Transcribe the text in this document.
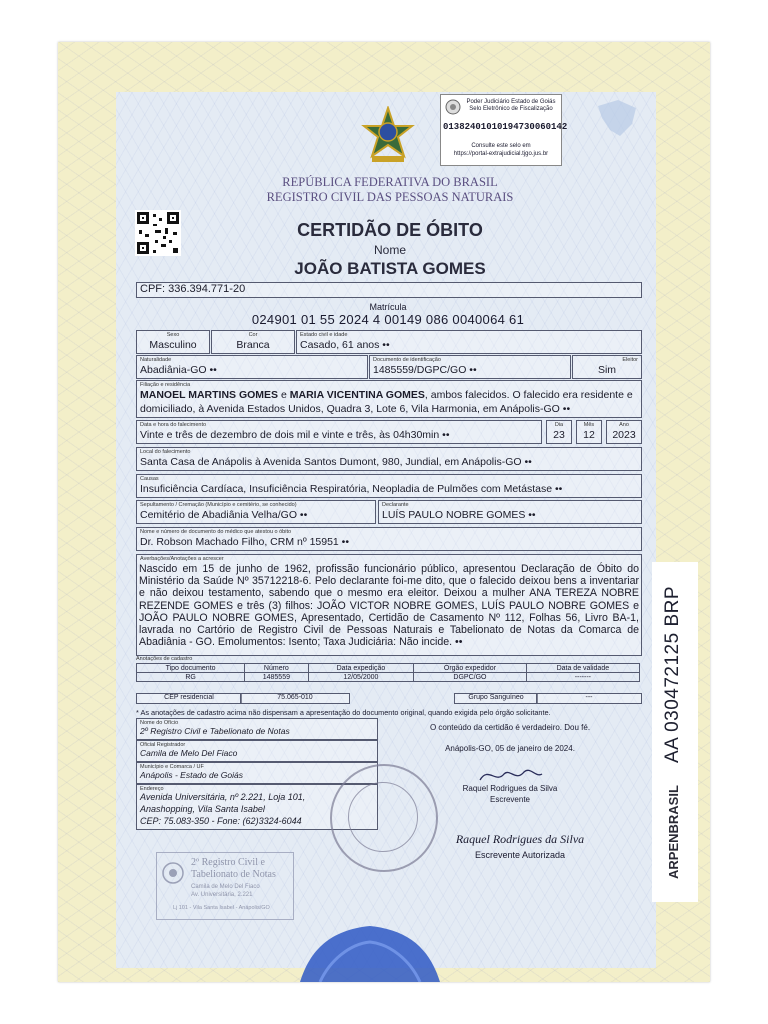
Poder Judiciário Estado de Goiás
Selo Eletrônico de Fiscalização
01382401010194730060142
Consulte este selo em
https://portal-extrajudicial.tjgo.jus.br
REPÚBLICA FEDERATIVA DO BRASIL
REGISTRO CIVIL DAS PESSOAS NATURAIS
CERTIDÃO DE ÓBITO
Nome
JOÃO BATISTA GOMES
CPF: 336.394.771-20
Matrícula
024901 01 55 2024 4 00149 086 0040064 61
Sexo
Masculino
Cor
Branca
Estado civil e idade
Casado, 61 anos ••
Naturalidade
Abadiânia-GO ••
Documento de identificação
1485559/DGPC/GO ••
Eleitor
Sim
Filiação e residência
MANOEL MARTINS GOMES e MARIA VICENTINA GOMES, ambos falecidos. O falecido era residente e
domiciliado, à Avenida Estados Unidos, Quadra 3, Lote 6, Vila Harmonia, em Anápolis-GO ••
Data e hora do falecimento
Vinte e três de dezembro de dois mil e vinte e três, às 04h30min ••
Dia
23
Mês
12
Ano
2023
Local do falecimento
Santa Casa de Anápolis à Avenida Santos Dumont, 980, Jundial, em Anápolis-GO ••
Causas
Insuficiência Cardíaca, Insuficiência Respiratória, Neopladia de Pulmões com Metástase ••
Sepultamento / Cremação (Município e cemitério, se conhecido)
Cemitério de Abadiânia Velha/GO ••
Declarante
LUÍS PAULO NOBRE GOMES ••
Nome e número de documento do médico que atestou o óbito
Dr. Robson Machado Filho, CRM nº 15951 ••
Averbações/Anotações a acrescer
Nascido em 15 de junho de 1962, profissão funcionário público, apresentou Declaração de Óbito do Ministério da Saúde Nº 35712218-6. Pelo declarante foi-me dito, que o falecido deixou bens a inventariar e não deixou testamento, sabendo que o mesmo era eleitor. Deixou a mulher ANA TEREZA NOBRE REZENDE GOMES e três (3) filhos: JOÃO VICTOR NOBRE GOMES, LUÍS PAULO NOBRE GOMES e JOÃO PAULO NOBRE GOMES, Apresentado, Certidão de Casamento Nº 112, Folhas 56, Livro BA-1, lavrada no Cartório de Registro Civil de Pessoas Naturais e Tabelionato de Notas da Comarca de Abadiânia - GO. Emolumentos: Isento; Taxa Judiciária: Não incide. ••
Anotações de cadastro
Tipo documento	Número	Data expedição	Órgão expedidor	Data de validade
RG	1485559	12/05/2000	DGPC/GO	-------
CEP residencial	75.065-010	Grupo Sanguíneo	---
* As anotações de cadastro acima não dispensam a apresentação do documento original, quando exigida pelo órgão solicitante.
Nome do Ofício
2º Registro Civil e Tabelionato de Notas
Oficial Registrador
Camila de Melo Del Fiaco
Município e Comarca / UF
Anápolis - Estado de Goiás
Endereço
Avenida Universitária, nº 2.221, Loja 101,
Anashopping, Vila Santa Isabel
CEP: 75.083-350 - Fone: (62)3324-6044
O conteúdo da certidão é verdadeiro. Dou fé.
Anápolis-GO, 05 de janeiro de 2024.
Raquel Rodrigues da Silva
Escrevente
Raquel Rodrigues da Silva
Escrevente Autorizada
2º Registro Civil e
Tabelionato de Notas
Camila de Melo Del Fiaco
Av. Universitária, 2.221
Lj 101 - Vila Santa Isabel - Anápolis/GO
AA 030472125 BRP
ARPENBRASIL
